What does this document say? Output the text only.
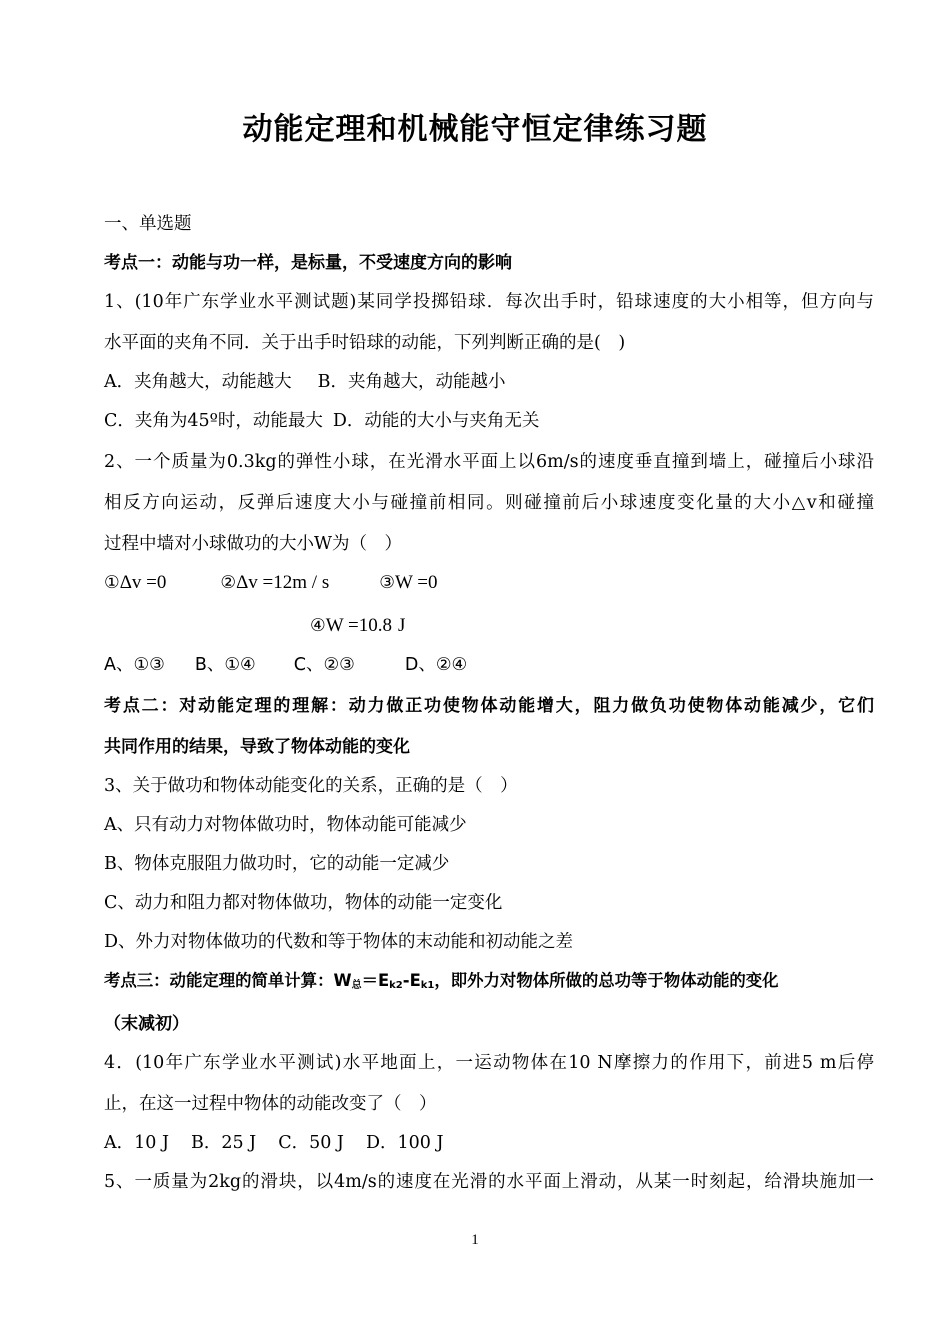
动能定理和机械能守恒定律练习题
一、单选题
考点一：动能与功一样，是标量，不受速度方向的影响
1、(10年广东学业水平测试题)某同学投掷铅球．每次出手时，铅球速度的大小相等，但方向与
水平面的夹角不同．关于出手时铅球的动能，下列判断正确的是(　)
A．夹角越大，动能越大 B．夹角越大，动能越小
C．夹角为45º时，动能最大 D．动能的大小与夹角无关
2、一个质量为0.3kg的弹性小球，在光滑水平面上以6m/s的速度垂直撞到墙上，碰撞后小球沿
相反方向运动，反弹后速度大小与碰撞前相同。则碰撞前后小球速度变化量的大小△v和碰撞
过程中墙对小球做功的大小W为（　）
①Δv =0	②Δv =12m / s	③W =0
④W =10.8 J
A、①③ B、①④ C、②③	D、②④
考点二：对动能定理的理解：动力做正功使物体动能增大，阻力做负功使物体动能减少，它们
共同作用的结果，导致了物体动能的变化
3、关于做功和物体动能变化的关系，正确的是（　）
A、只有动力对物体做功时，物体动能可能减少
B、物体克服阻力做功时，它的动能一定减少
C、动力和阻力都对物体做功，物体的动能一定变化
D、外力对物体做功的代数和等于物体的末动能和初动能之差
考点三：动能定理的简单计算：$W_总=E_{k2}-E_{k1}$，即外力对物体所做的总功等于物体动能的变化
（末减初）
4．(10年广东学业水平测试)水平地面上，一运动物体在10 N摩擦力的作用下，前进5 m后停
止，在这一过程中物体的动能改变了（　）
A．10 J B．25 J C．50 J D．100 J
5、一质量为2kg的滑块，以4m/s的速度在光滑的水平面上滑动，从某一时刻起，给滑块施加一
1
